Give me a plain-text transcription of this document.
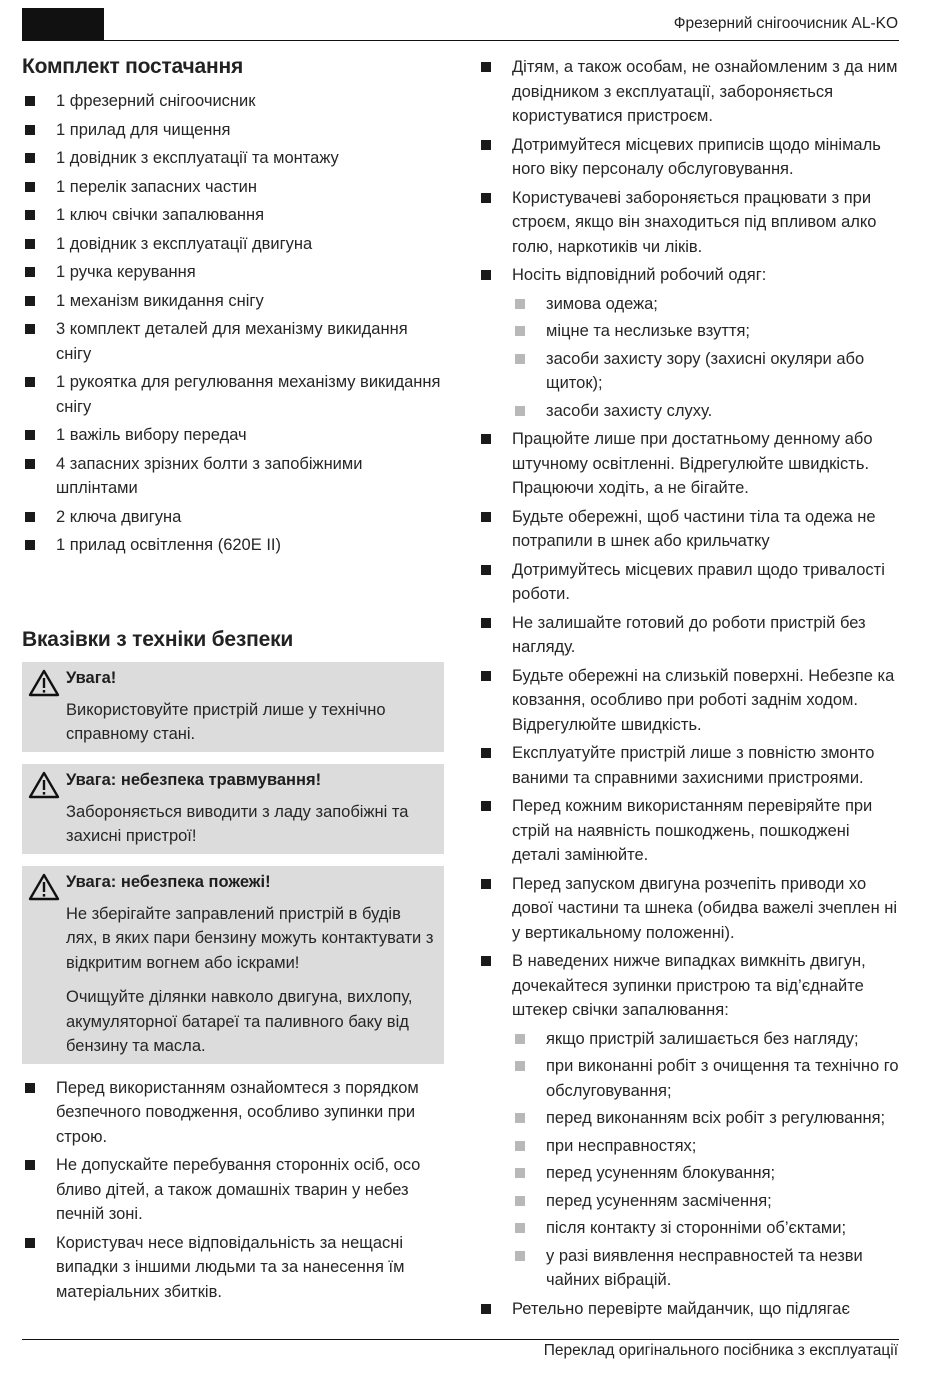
Фрезерний снігоочисник AL-KO
Комплект постачання
1 фрезерний снігоочисник
1 прилад для чищення
1 довідник з експлуатації та монтажу
1 перелік запасних частин
1 ключ свічки запалювання
1 довідник з експлуатації двигуна
1 ручка керування
1 механізм викидання снігу
3 комплект деталей для механізму викидання снігу
1 рукоятка для регулювання механізму викидання снігу
1 важіль вибору передач
4 запасних зрізних болти з запобіжними шплінтами
2 ключа двигуна
1 прилад освітлення (620E II)
Вказівки з техніки безпеки
Увага!
Використовуйте пристрій лише у технічно справному стані.
Увага: небезпека травмування!
Забороняється виводити з ладу запобіжні та захисні пристрої!
Увага: небезпека пожежі!
Не зберігайте заправлений пристрій в будів лях, в яких пари бензину можуть контактувати з відкритим вогнем або іскрами!
Очищуйте ділянки навколо двигуна, вихлопу, акумуляторної батареї та паливного баку від бензину та масла.
Перед використанням ознайомтеся з порядком безпечного поводження, особливо зупинки при строю.
Не допускайте перебування сторонніх осіб, осо бливо дітей, а також домашніх тварин у небез печній зоні.
Користувач несе відповідальність за нещасні випадки з іншими людьми та за нанесення їм матеріальних збитків.
Дітям, а також особам, не ознайомленим з да ним довідником з експлуатації, забороняється користуватися пристроєм.
Дотримуйтеся місцевих приписів щодо мінімаль ного віку персоналу обслуговування.
Користувачеві забороняється працювати з при строєм, якщо він знаходиться під впливом алко голю, наркотиків чи ліків.
Носіть відповідний робочий одяг:
зимова одежа;
міцне та неслизьке взуття;
засоби захисту зору (захисні окуляри або щиток);
засоби захисту слуху.
Працюйте лише при достатньому денному або штучному освітленні. Відрегулюйте швидкість. Працюючи ходіть, а не бігайте.
Будьте обережні, щоб частини тіла та одежа не потрапили в шнек або крильчатку
Дотримуйтесь місцевих правил щодо тривалості роботи.
Не залишайте готовий до роботи пристрій без нагляду.
Будьте обережні на слизькій поверхні. Небезпе ка ковзання, особливо при роботі заднім ходом. Відрегулюйте швидкість.
Експлуатуйте пристрій лише з повністю змонто ваними та справними захисними пристроями.
Перед кожним використанням перевіряйте при стрій на наявність пошкоджень, пошкоджені деталі замінюйте.
Перед запуском двигуна розчепіть приводи хо дової частини та шнека (обидва важелі зчеплен ні у вертикальному положенні).
В наведених нижче випадках вимкніть двигун, дочекайтеся зупинки пристрою та від’єднайте штекер свічки запалювання:
якщо пристрій залишається без нагляду;
при виконанні робіт з очищення та технічно го обслуговування;
перед виконанням всіх робіт з регулювання;
при несправностях;
перед усуненням блокування;
перед усуненням засмічення;
після контакту зі сторонніми об’єктами;
у разі виявлення несправностей та незви чайних вібрацій.
Ретельно перевірте майданчик, що підлягає
Переклад оригінального посібника з експлуатації
